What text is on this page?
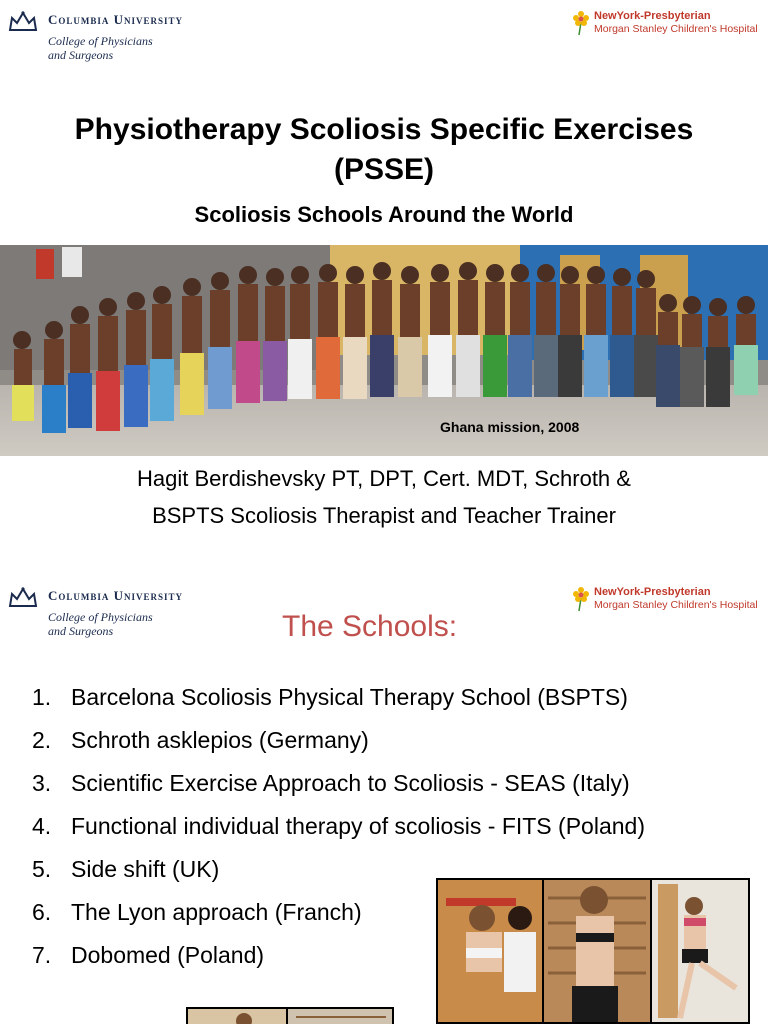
Columbia University
College of Physicians
and Surgeons
NewYork-Presbyterian
Morgan Stanley Children's Hospital
Physiotherapy Scoliosis Specific Exercises
(PSSE)
Scoliosis Schools Around the World
Ghana mission, 2008
Hagit Berdishevsky PT, DPT, Cert. MDT, Schroth &
BSPTS Scoliosis Therapist and Teacher Trainer
Columbia University
College of Physicians
and Surgeons
NewYork-Presbyterian
Morgan Stanley Children's Hospital
The Schools:
1. Barcelona Scoliosis Physical Therapy School (BSPTS)
2. Schroth asklepios (Germany)
3. Scientific Exercise Approach to Scoliosis - SEAS (Italy)
4. Functional individual therapy of scoliosis - FITS (Poland)
5. Side shift (UK)
6. The Lyon approach (Franch)
7. Dobomed (Poland)
